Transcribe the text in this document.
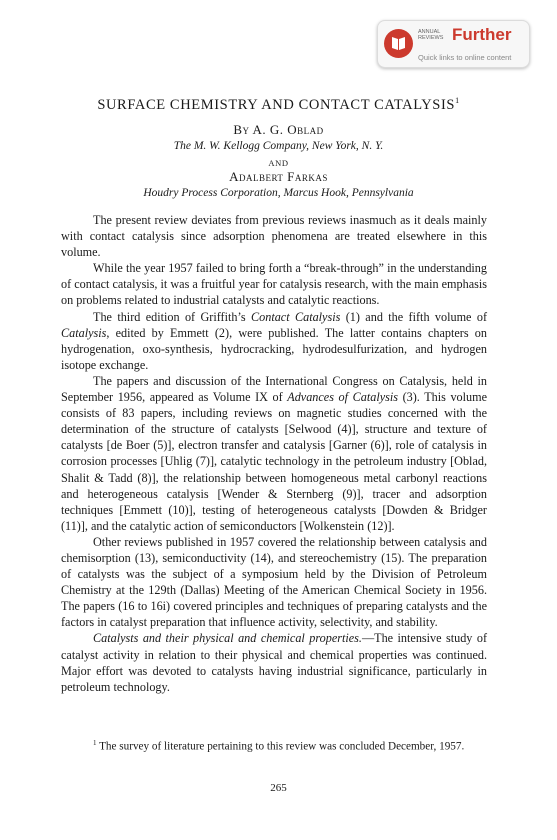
ANNUAL
REVIEWS Further
Quick links to online content
SURFACE CHEMISTRY AND CONTACT CATALYSIS$^1$
By A. G. Oblad
The M. W. Kellogg Company, New York, N. Y.
AND
Adalbert Farkas
Houdry Process Corporation, Marcus Hook, Pennsylvania

The present review deviates from previous reviews inasmuch as it deals mainly with contact catalysis since adsorption phenomena are treated elsewhere in this volume.

While the year 1957 failed to bring forth a “break-through” in the understanding of contact catalysis, it was a fruitful year for catalysis research, with the main emphasis on problems related to industrial catalysts and catalytic reactions.

The third edition of Griffith’s Contact Catalysis (1) and the fifth volume of Catalysis, edited by Emmett (2), were published. The latter contains chapters on hydrogenation, oxo-synthesis, hydrocracking, hydrodesulfurization, and hydrogen isotope exchange.

The papers and discussion of the International Congress on Catalysis, held in September 1956, appeared as Volume IX of Advances of Catalysis (3). This volume consists of 83 papers, including reviews on magnetic studies concerned with the determination of the structure of catalysts [Selwood (4)], structure and texture of catalysts [de Boer (5)], electron transfer and catalysis [Garner (6)], role of catalysis in corrosion processes [Uhlig (7)], catalytic technology in the petroleum industry [Oblad, Shalit & Tadd (8)], the relationship between homogeneous metal carbonyl reactions and heterogeneous catalysis [Wender & Sternberg (9)], tracer and adsorption techniques [Emmett (10)], testing of heterogeneous catalysts [Dowden & Bridger (11)], and the catalytic action of semiconductors [Wolkenstein (12)].

Other reviews published in 1957 covered the relationship between catalysis and chemisorption (13), semiconductivity (14), and stereochemistry (15). The preparation of catalysts was the subject of a symposium held by the Division of Petroleum Chemistry at the 129th (Dallas) Meeting of the American Chemical Society in 1956. The papers (16 to 16i) covered principles and techniques of preparing catalysts and the factors in catalyst preparation that influence activity, selectivity, and stability.

Catalysts and their physical and chemical properties.—The intensive study of catalyst activity in relation to their physical and chemical properties was continued. Major effort was devoted to catalysts having industrial significance, particularly in petroleum technology.

$^1$ The survey of literature pertaining to this review was concluded December, 1957.
265
